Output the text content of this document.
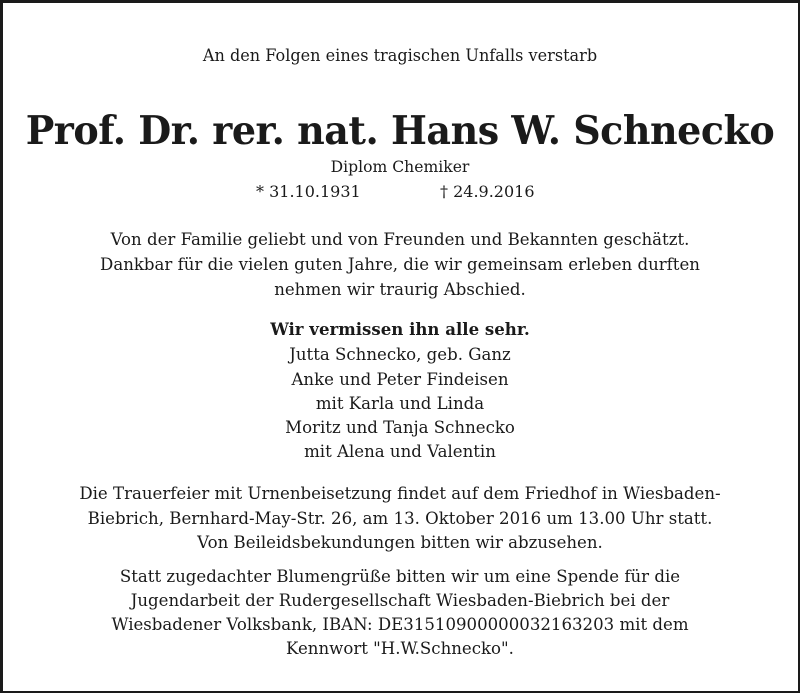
An den Folgen eines tragischen Unfalls verstarb
Prof. Dr. rer. nat. Hans W. Schnecko
Diplom Chemiker
* 31.10.1931	† 24.9.2016
Von der Familie geliebt und von Freunden und Bekannten geschätzt.
Dankbar für die vielen guten Jahre, die wir gemeinsam erleben durften
nehmen wir traurig Abschied.
Wir vermissen ihn alle sehr.
Jutta Schnecko, geb. Ganz
Anke und Peter Findeisen
mit Karla und Linda
Moritz und Tanja Schnecko
mit Alena und Valentin
Die Trauerfeier mit Urnenbeisetzung findet auf dem Friedhof in Wiesbaden-
Biebrich, Bernhard-May-Str. 26, am 13. Oktober 2016 um 13.00 Uhr statt.
Von Beileidsbekundungen bitten wir abzusehen.
Statt zugedachter Blumengrüße bitten wir um eine Spende für die
Jugendarbeit der Rudergesellschaft Wiesbaden-Biebrich bei der
Wiesbadener Volksbank, IBAN: DE31510900000032163203 mit dem
Kennwort "H.W.Schnecko".
